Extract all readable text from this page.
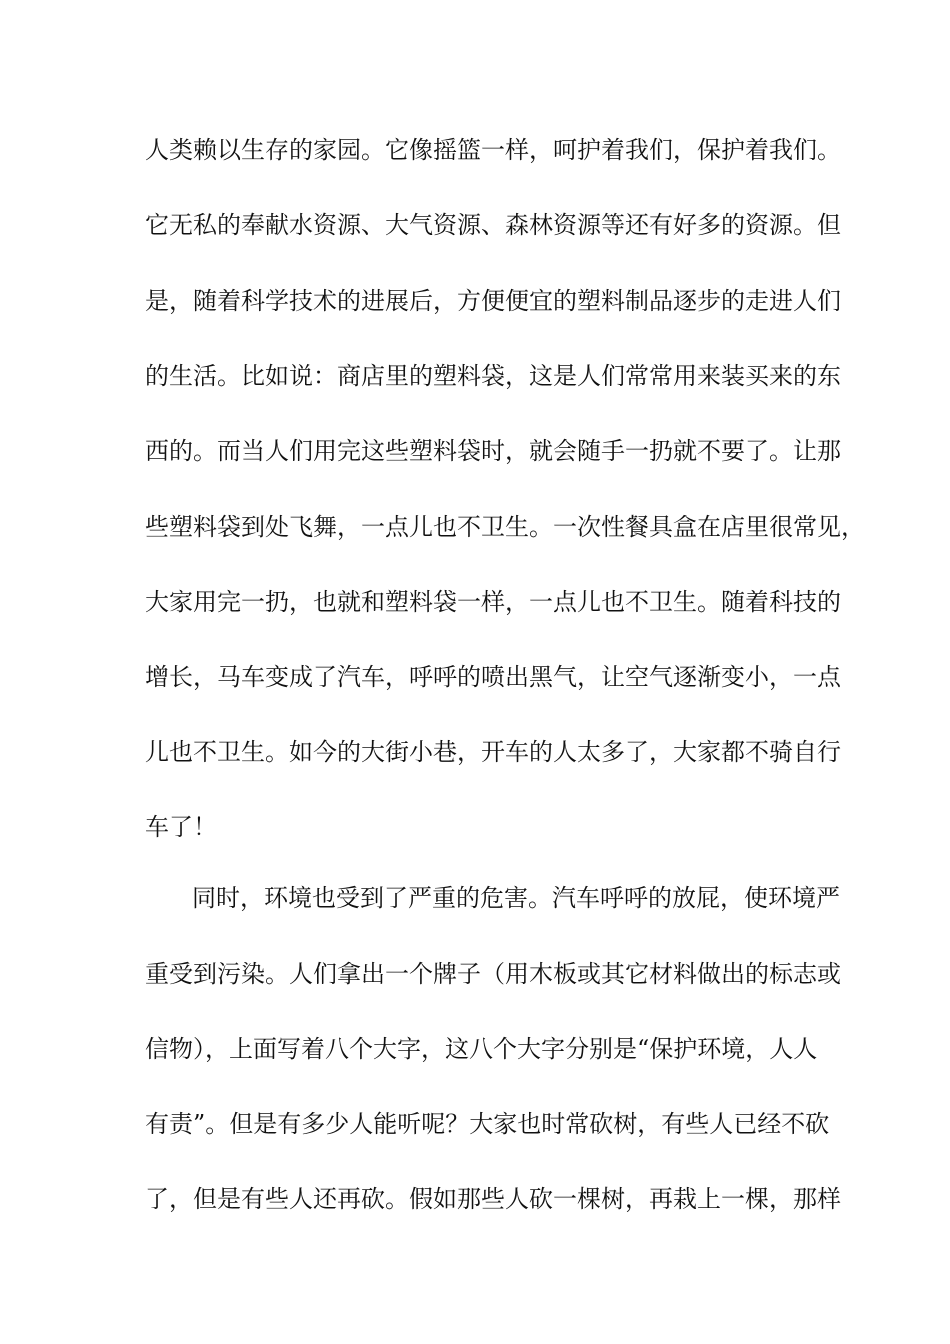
人类赖以生存的家园。它像摇篮一样，呵护着我们，保护着我们。
它无私的奉献水资源、大气资源、森林资源等还有好多的资源。但
是，随着科学技术的进展后，方便便宜的塑料制品逐步的走进人们
的生活。比如说：商店里的塑料袋，这是人们常常用来装买来的东
西的。而当人们用完这些塑料袋时，就会随手一扔就不要了。让那
些塑料袋到处飞舞，一点儿也不卫生。一次性餐具盒在店里很常见，
大家用完一扔，也就和塑料袋一样，一点儿也不卫生。随着科技的
增长，马车变成了汽车，呼呼的喷出黑气，让空气逐渐变小，一点
儿也不卫生。如今的大街小巷，开车的人太多了，大家都不骑自行
车了！
同时，环境也受到了严重的危害。汽车呼呼的放屁，使环境严
重受到污染。人们拿出一个牌子（用木板或其它材料做出的标志或
信物），上面写着八个大字，这八个大字分别是“保护环境，人人
有责”。但是有多少人能听呢？大家也时常砍树，有些人已经不砍
了，但是有些人还再砍。假如那些人砍一棵树，再栽上一棵，那样
